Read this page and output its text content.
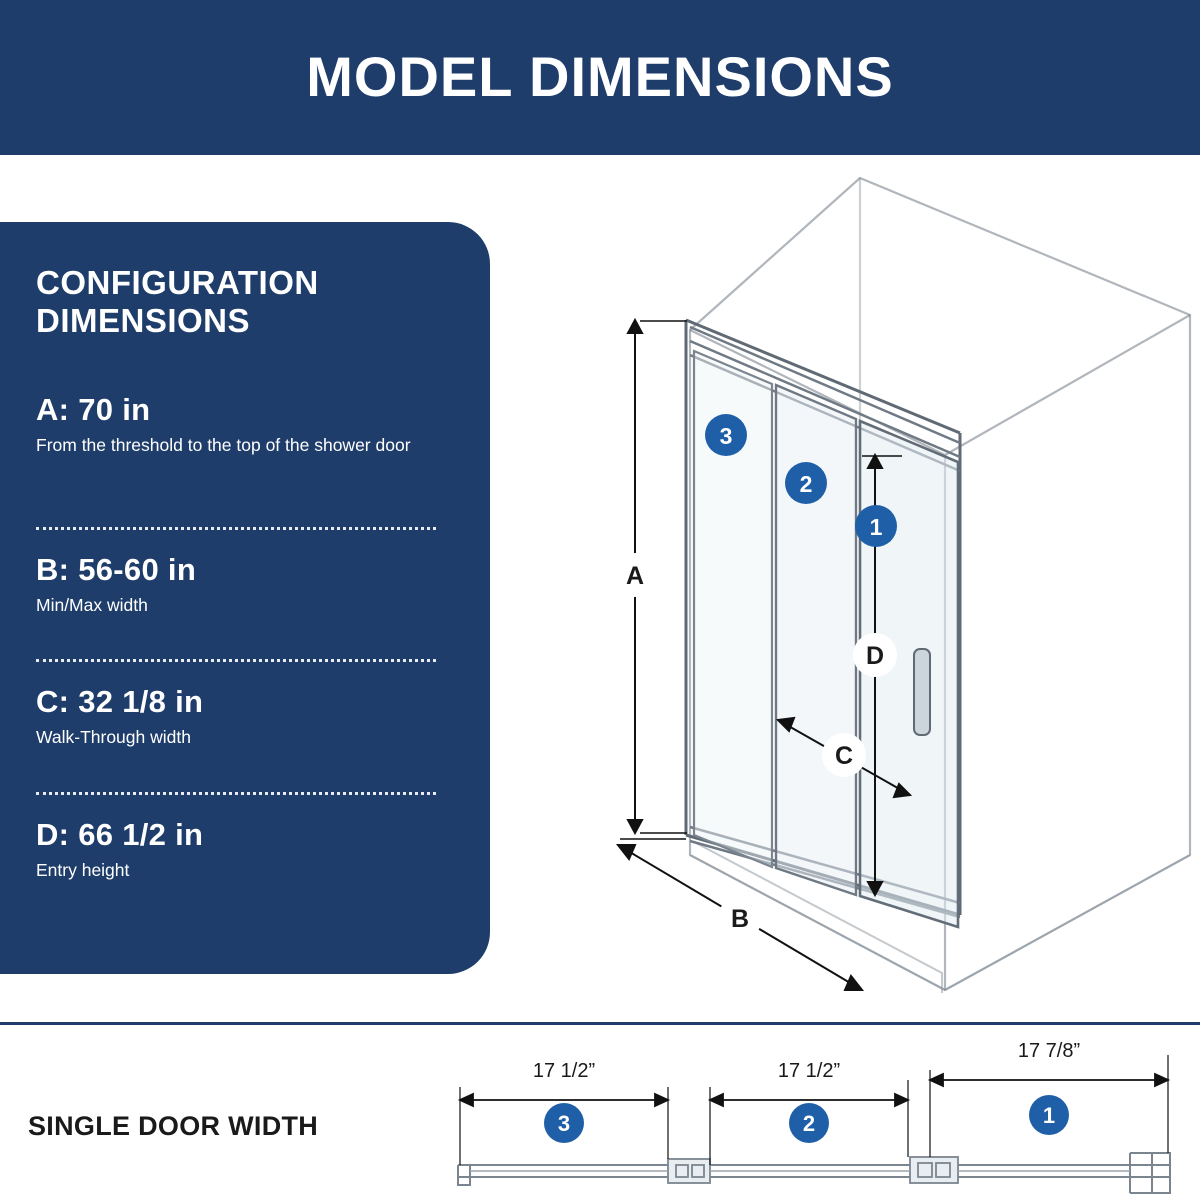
MODEL DIMENSIONS
CONFIGURATION
DIMENSIONS
A: 70 in
From the threshold to the top of the shower door
B: 56-60 in
Min/Max width
C: 32 1/8 in
Walk-Through width
D: 66 1/2 in
Entry height
A
D
C
B
3
2
1
SINGLE DOOR WIDTH
17 1/2”
3
17 1/2”
2
17 7/8”
1
